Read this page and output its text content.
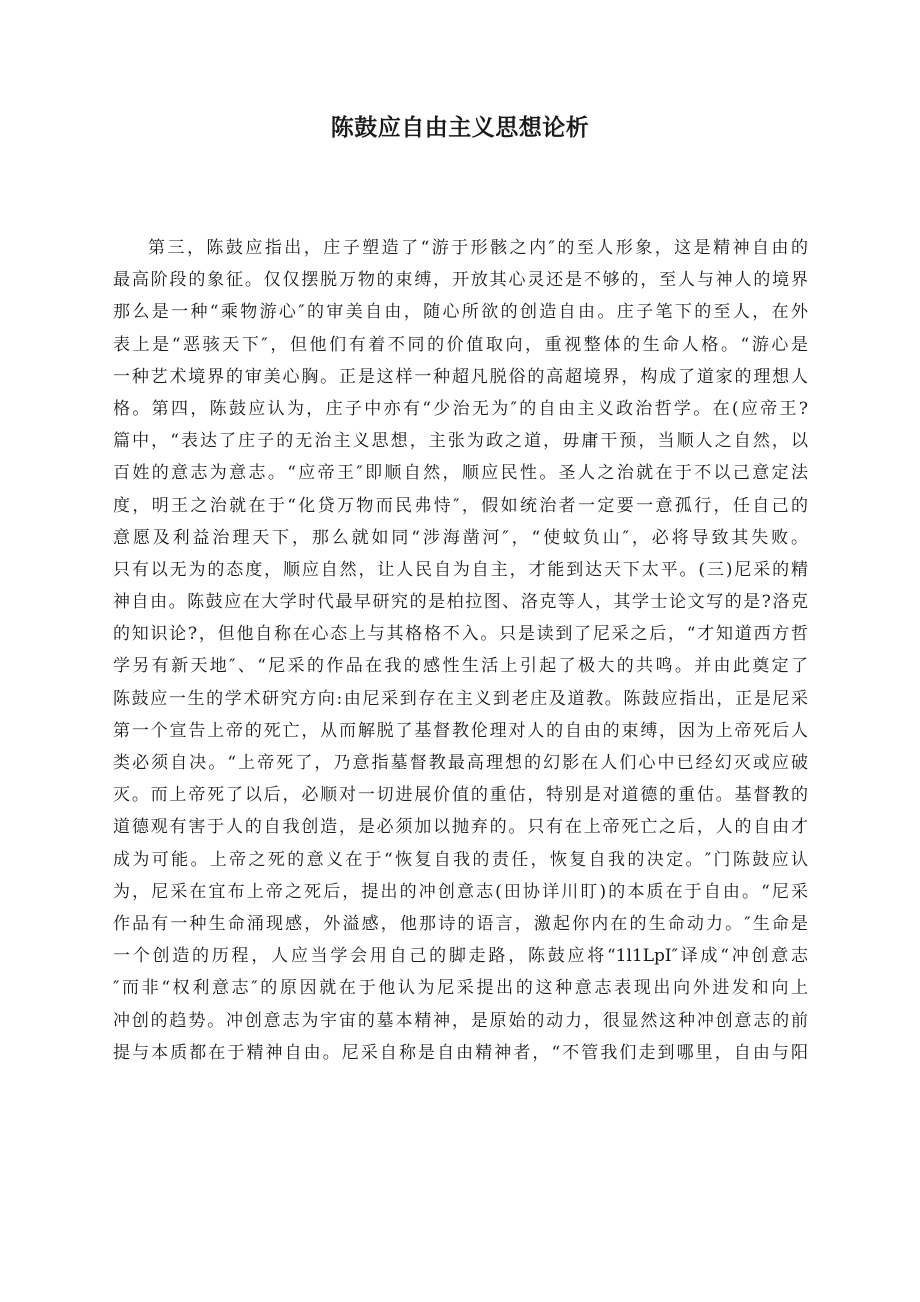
陈鼓应自由主义思想论析
第三，陈鼓应指出，庄子塑造了“游于形骸之内″的至人形象，这是精神自由的
最高阶段的象征。仅仅摆脱万物的束缚，开放其心灵还是不够的，至人与神人的境界
那么是一种“乘物游心″的审美自由，随心所欲的创造自由。庄子笔下的至人，在外
表上是“恶骇天下″，但他们有着不同的价值取向，重视整体的生命人格。“游心是
一种艺术境界的审美心胸。正是这样一种超凡脱俗的高超境界，构成了道家的理想人
格。第四，陈鼓应认为，庄子中亦有“少治无为″的自由主义政治哲学。在(应帝王?
篇中，“表达了庄子的无治主义思想，主张为政之道，毋庸干预，当顺人之自然，以
百姓的意志为意志。“应帝王″即顺自然，顺应民性。圣人之治就在于不以己意定法
度，明王之治就在于“化贷万物而民弗恃″，假如统治者一定要一意孤行，任自己的
意愿及利益治理天下，那么就如同“涉海凿河″，“使蚊负山″，必将导致其失败。
只有以无为的态度，顺应自然，让人民自为自主，才能到达天下太平。(三)尼采的精
神自由。陈鼓应在大学时代最早研究的是柏拉图、洛克等人，其学士论文写的是?洛克
的知识论?，但他自称在心态上与其格格不入。只是读到了尼采之后，“才知道西方哲
学另有新天地″、“尼采的作品在我的感性生活上引起了极大的共鸣。并由此奠定了
陈鼓应一生的学术研究方向:由尼采到存在主义到老庄及道教。陈鼓应指出，正是尼采
第一个宣告上帝的死亡，从而解脱了基督教伦理对人的自由的束缚，因为上帝死后人
类必须自决。“上帝死了，乃意指墓督教最高理想的幻影在人们心中已经幻灭或应破
灭。而上帝死了以后，必顺对一切进展价值的重估，特别是对道德的重估。基督教的
道德观有害于人的自我创造，是必须加以抛弃的。只有在上帝死亡之后，人的自由才
成为可能。上帝之死的意义在于“恢复自我的责任，恢复自我的决定。″门陈鼓应认
为，尼采在宜布上帝之死后，提出的冲创意志(田协详川盯)的本质在于自由。“尼采
作品有一种生命涌现感，外溢感，他那诗的语言，激起你内在的生命动力。″生命是
一个创造的历程，人应当学会用自己的脚走路，陈鼓应将“1l1LpI″译成“冲创意志
″而非“权利意志″的原因就在于他认为尼采提出的这种意志表现出向外进发和向上
冲创的趋势。冲创意志为宇宙的墓本精神，是原始的动力，很显然这种冲创意志的前
提与本质都在于精神自由。尼采自称是自由精神者，“不管我们走到哪里，自由与阳
